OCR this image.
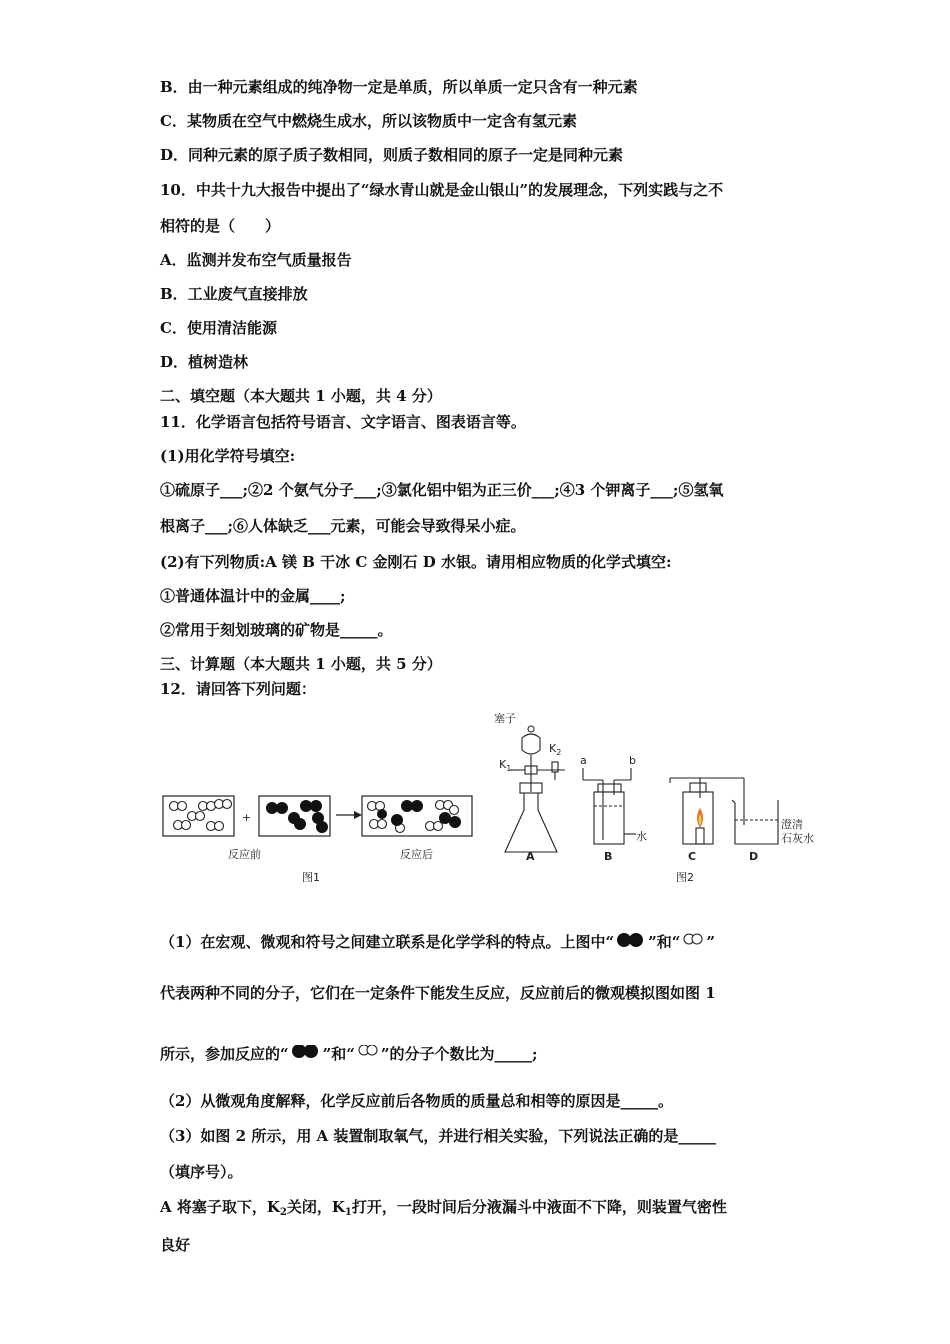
B．由一种元素组成的纯净物一定是单质，所以单质一定只含有一种元素
C．某物质在空气中燃烧生成水，所以该物质中一定含有氢元素
D．同种元素的原子质子数相同，则质子数相同的原子一定是同种元素
10．中共十九大报告中提出了“绿水青山就是金山银山”的发展理念，下列实践与之不
相符的是（　　）
A．监测并发布空气质量报告
B．工业废气直接排放
C．使用清洁能源
D．植树造林
二、填空题（本大题共 1 小题，共 4 分）
11．化学语言包括符号语言、文字语言、图表语言等。
(1)用化学符号填空:
①硫原子___;②2 个氨气分子___;③氯化铝中铝为正三价___;④3 个钾离子___;⑤氢氧
根离子___;⑥人体缺乏___元素，可能会导致得呆小症。
(2)有下列物质:A 镁 B 干冰 C 金刚石 D 水银。请用相应物质的化学式填空:
①普通体温计中的金属____;
②常用于刻划玻璃的矿物是_____。
三、计算题（本大题共 1 小题，共 5 分）
12．请回答下列问题：
+
反应前	反应后
图1
塞子
$K_2$
$K_1$
A
a	b
水
B	C
澄清
石灰水
D
图2
（1）在宏观、微观和符号之间建立联系是化学学科的特点。上图中“ ”和“ ”
代表两种不同的分子，它们在一定条件下能发生反应，反应前后的微观模拟图如图 1
所示，参加反应的“ ”和“ ”的分子个数比为_____;
（2）从微观角度解释，化学反应前后各物质的质量总和相等的原因是_____。
（3）如图 2 所示，用 A 装置制取氧气，并进行相关实验，下列说法正确的是_____
（填序号）。
A 将塞子取下，$K_2$关闭，$K_1$打开，一段时间后分液漏斗中液面不下降，则装置气密性
良好
